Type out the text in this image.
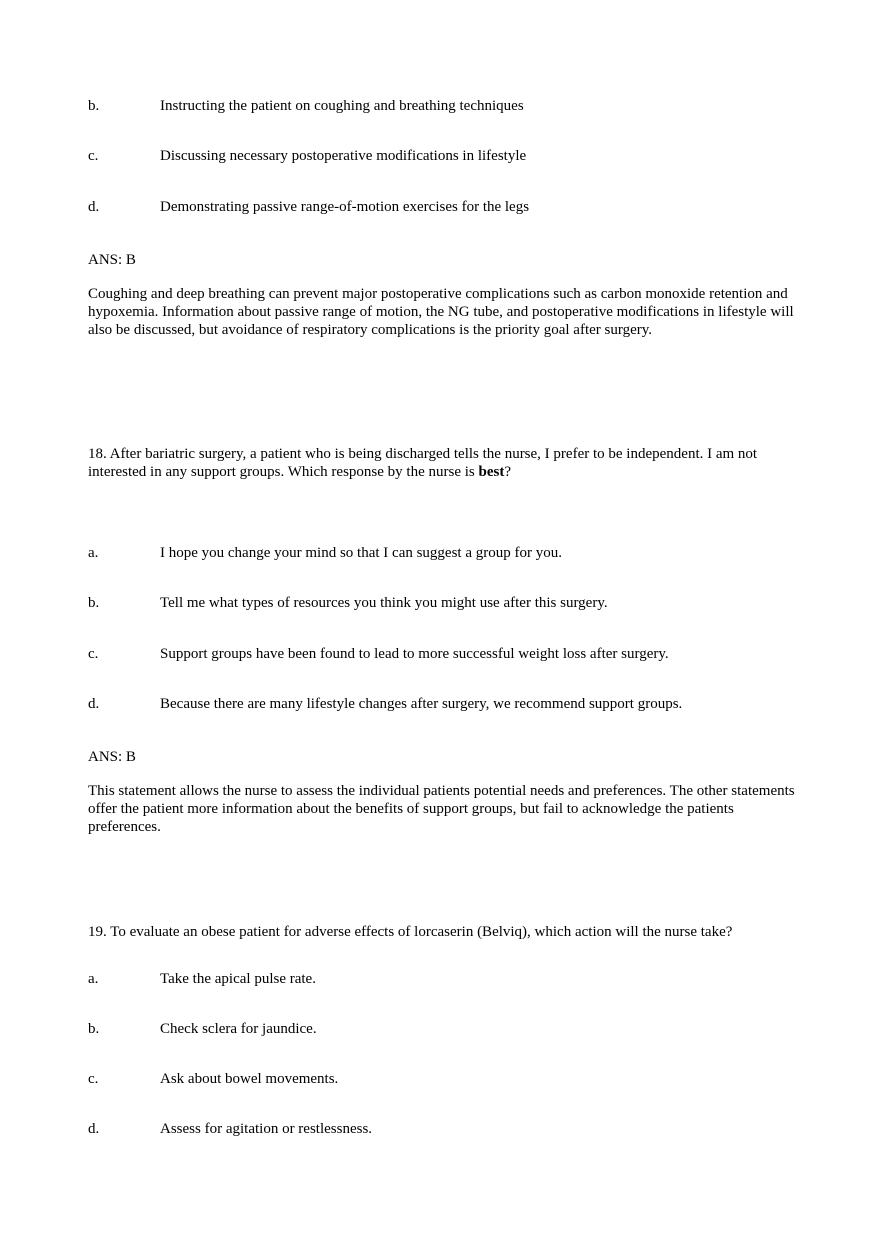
b.	Instructing the patient on coughing and breathing techniques
c.	Discussing necessary postoperative modifications in lifestyle
d.	Demonstrating passive range-of-motion exercises for the legs
ANS: B
Coughing and deep breathing can prevent major postoperative complications such as carbon monoxide retention and hypoxemia. Information about passive range of motion, the NG tube, and postoperative modifications in lifestyle will also be discussed, but avoidance of respiratory complications is the priority goal after surgery.
18. After bariatric surgery, a patient who is being discharged tells the nurse, I prefer to be independent. I am not interested in any support groups. Which response by the nurse is best?
a.	I hope you change your mind so that I can suggest a group for you.
b.	Tell me what types of resources you think you might use after this surgery.
c.	Support groups have been found to lead to more successful weight loss after surgery.
d.	Because there are many lifestyle changes after surgery, we recommend support groups.
ANS: B
This statement allows the nurse to assess the individual patients potential needs and preferences. The other statements offer the patient more information about the benefits of support groups, but fail to acknowledge the patients preferences.
19. To evaluate an obese patient for adverse effects of lorcaserin (Belviq), which action will the nurse take?
a.	Take the apical pulse rate.
b.	Check sclera for jaundice.
c.	Ask about bowel movements.
d.	Assess for agitation or restlessness.
